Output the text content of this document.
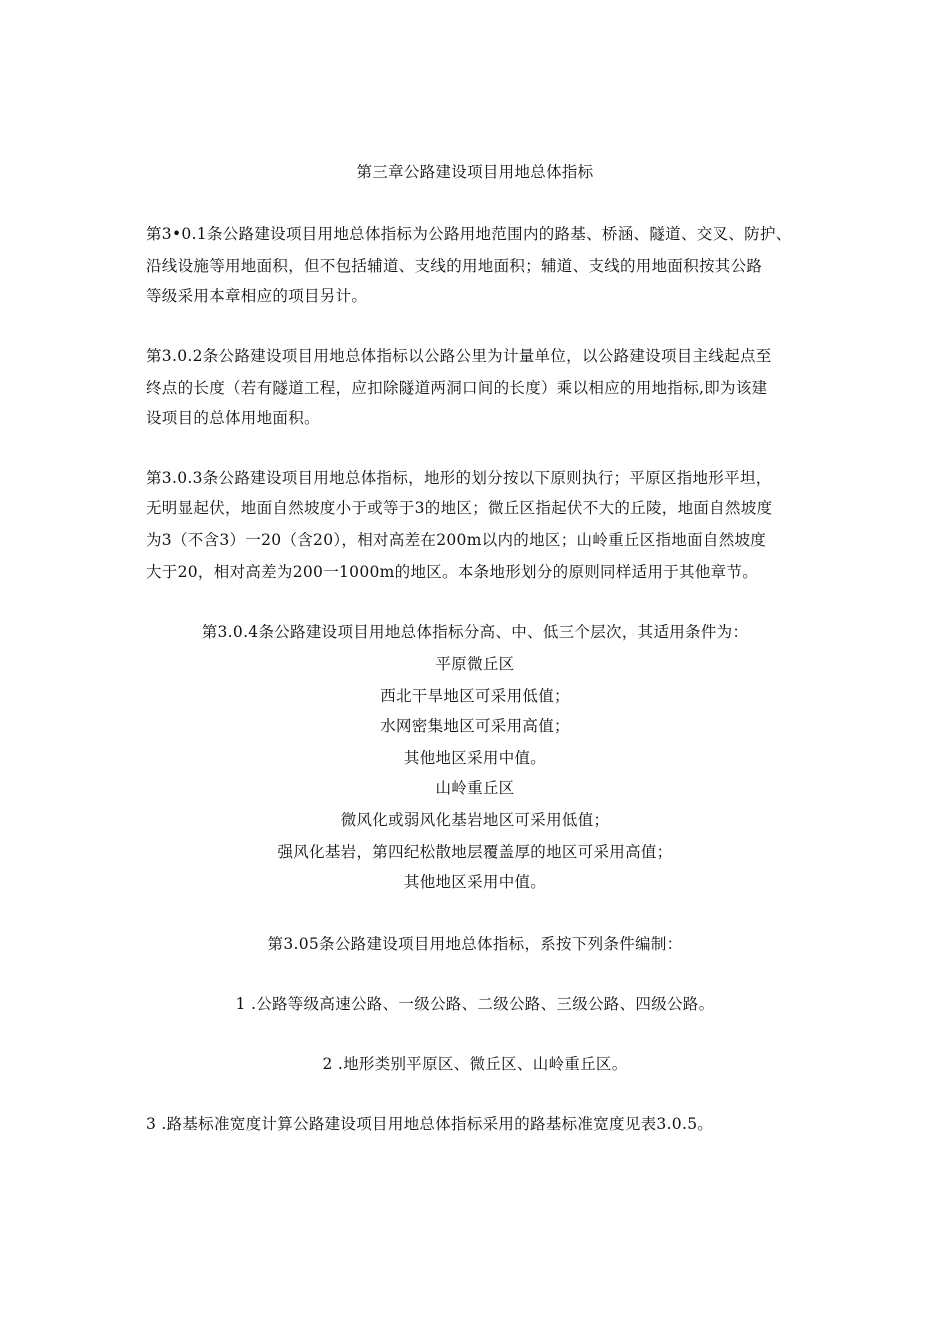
第三章公路建设项目用地总体指标
第3•0.1条公路建设项目用地总体指标为公路用地范围内的路基、桥涵、隧道、交叉、防护、
沿线设施等用地面积，但不包括辅道、支线的用地面积；辅道、支线的用地面积按其公路
等级采用本章相应的项目另计。
第3.0.2条公路建设项目用地总体指标以公路公里为计量单位，以公路建设项目主线起点至
终点的长度（若有隧道工程，应扣除隧道两洞口间的长度）乘以相应的用地指标,即为该建
设项目的总体用地面积。
第3.0.3条公路建设项目用地总体指标，地形的划分按以下原则执行；平原区指地形平坦，
无明显起伏，地面自然坡度小于或等于3的地区；微丘区指起伏不大的丘陵，地面自然坡度
为3（不含3）一20（含20），相对高差在200m以内的地区；山岭重丘区指地面自然坡度
大于20，相对高差为200一1000m的地区。本条地形划分的原则同样适用于其他章节。
第3.0.4条公路建设项目用地总体指标分高、中、低三个层次，其适用条件为：
平原微丘区
西北干旱地区可采用低值；
水网密集地区可采用高值；
其他地区采用中值。
山岭重丘区
微风化或弱风化基岩地区可采用低值；
强风化基岩，第四纪松散地层覆盖厚的地区可采用高值；
其他地区采用中值。
第3.05条公路建设项目用地总体指标，系按下列条件编制：
1 .公路等级高速公路、一级公路、二级公路、三级公路、四级公路。
2 .地形类别平原区、微丘区、山岭重丘区。
3 .路基标准宽度计算公路建设项目用地总体指标采用的路基标准宽度见表3.0.5。
